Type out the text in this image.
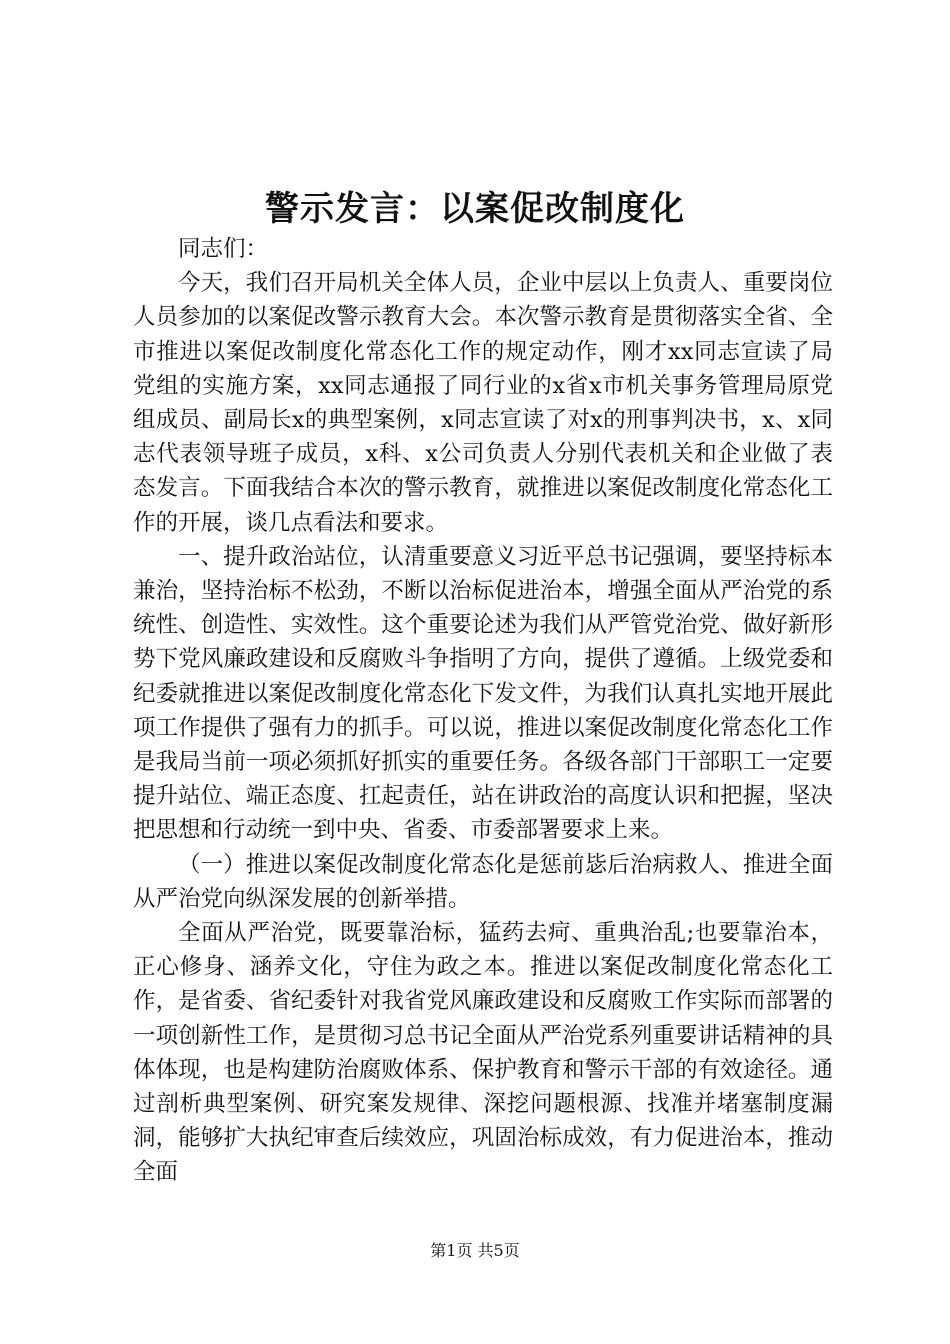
警示发言：以案促改制度化

同志们：

今天，我们召开局机关全体人员，企业中层以上负责人、重要岗位人员参加的以案促改警示教育大会。本次警示教育是贯彻落实全省、全市推进以案促改制度化常态化工作的规定动作，刚才xx同志宣读了局党组的实施方案，xx同志通报了同行业的x省x市机关事务管理局原党组成员、副局长x的典型案例，x同志宣读了对x的刑事判决书，x、x同志代表领导班子成员，x科、x公司负责人分别代表机关和企业做了表态发言。下面我结合本次的警示教育，就推进以案促改制度化常态化工作的开展，谈几点看法和要求。

一、提升政治站位，认清重要意义习近平总书记强调，要坚持标本兼治，坚持治标不松劲，不断以治标促进治本，增强全面从严治党的系统性、创造性、实效性。这个重要论述为我们从严管党治党、做好新形势下党风廉政建设和反腐败斗争指明了方向，提供了遵循。上级党委和纪委就推进以案促改制度化常态化下发文件，为我们认真扎实地开展此项工作提供了强有力的抓手。可以说，推进以案促改制度化常态化工作是我局当前一项必须抓好抓实的重要任务。各级各部门干部职工一定要提升站位、端正态度、扛起责任，站在讲政治的高度认识和把握，坚决把思想和行动统一到中央、省委、市委部署要求上来。

（一）推进以案促改制度化常态化是惩前毖后治病救人、推进全面从严治党向纵深发展的创新举措。

全面从严治党，既要靠治标，猛药去疴、重典治乱;也要靠治本，正心修身、涵养文化，守住为政之本。推进以案促改制度化常态化工作，是省委、省纪委针对我省党风廉政建设和反腐败工作实际而部署的一项创新性工作，是贯彻习总书记全面从严治党系列重要讲话精神的具体体现，也是构建防治腐败体系、保护教育和警示干部的有效途径。通过剖析典型案例、研究案发规律、深挖问题根源、找准并堵塞制度漏洞，能够扩大执纪审查后续效应，巩固治标成效，有力促进治本，推动全面

第1页 共5页
